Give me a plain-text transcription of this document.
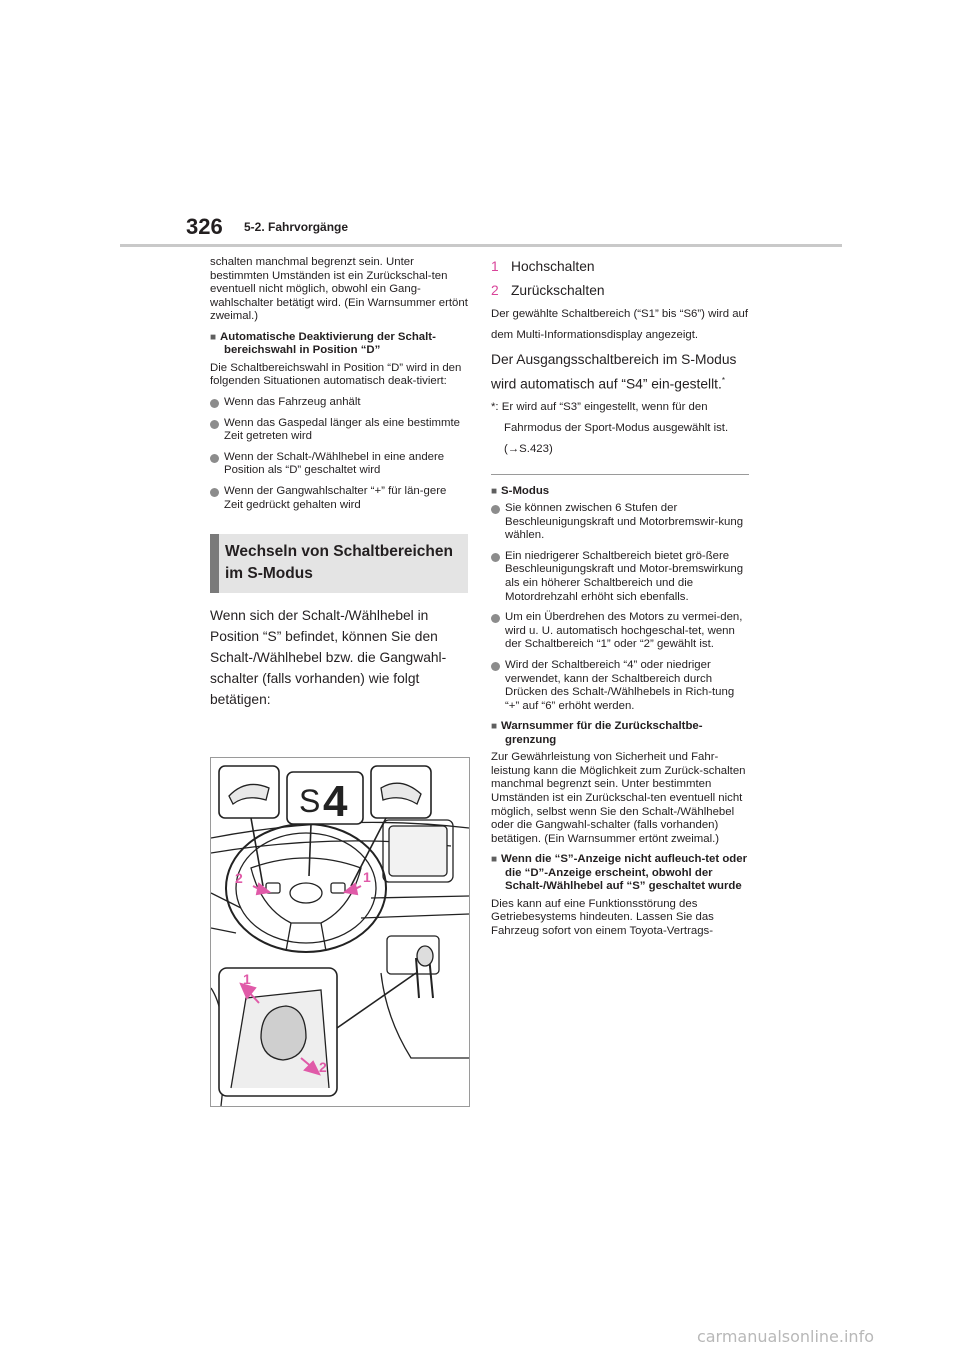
326 5-2. Fahrvorgänge

schalten manchmal begrenzt sein. Unter bestimmten Umständen ist ein Zurückschal-ten eventuell nicht möglich, obwohl ein Gang-wahlschalter betätigt wird. (Ein Warnsummer ertönt zweimal.)

■ Automatische Deaktivierung der Schalt-bereichswahl in Position “D”

Die Schaltbereichswahl in Position “D” wird in den folgenden Situationen automatisch deak-tiviert:

Wenn das Fahrzeug anhält
Wenn das Gaspedal länger als eine bestimmte Zeit getreten wird
Wenn der Schalt-/Wählhebel in eine andere Position als “D” geschaltet wird
Wenn der Gangwahlschalter “+” für län-gere Zeit gedrückt gehalten wird
Wechseln von Schaltbereichen im S-Modus

Wenn sich der Schalt-/Wählhebel in Position “S” befindet, können Sie den Schalt-/Wählhebel bzw. die Gangwahl-schalter (falls vorhanden) wie folgt betätigen:

S 4
2	1
1
2

1 Hochschalten

2 Zurückschalten

Der gewählte Schaltbereich (“S1” bis “S6”) wird auf dem Multi-Informationsdisplay angezeigt.

Der Ausgangsschaltbereich im S-Modus wird automatisch auf “S4” ein-gestellt.*

*: Er wird auf “S3” eingestellt, wenn für den Fahrmodus der Sport-Modus ausgewählt ist. (→S.423)

■ S-Modus

Sie können zwischen 6 Stufen der Beschleunigungskraft und Motorbremswir-kung wählen.
Ein niedrigerer Schaltbereich bietet grö-ßere Beschleunigungskraft und Motor-bremswirkung als ein höherer Schaltbereich und die Motordrehzahl erhöht sich ebenfalls.
Um ein Überdrehen des Motors zu vermei-den, wird u. U. automatisch hochgeschal-tet, wenn der Schaltbereich “1” oder “2” gewählt ist.
Wird der Schaltbereich “4” oder niedriger verwendet, kann der Schaltbereich durch Drücken des Schalt-/Wählhebels in Rich-tung “+” auf “6” erhöht werden.

■ Warnsummer für die Zurückschaltbe-grenzung

Zur Gewährleistung von Sicherheit und Fahr-leistung kann die Möglichkeit zum Zurück-schalten manchmal begrenzt sein. Unter bestimmten Umständen ist ein Zurückschal-ten eventuell nicht möglich, selbst wenn Sie den Schalt-/Wählhebel oder die Gangwahl-schalter (falls vorhanden) betätigen. (Ein Warnsummer ertönt zweimal.)

■ Wenn die “S”-Anzeige nicht aufleuch-tet oder die “D”-Anzeige erscheint, obwohl der Schalt-/Wählhebel auf “S” geschaltet wurde

Dies kann auf eine Funktionsstörung des Getriebesystems hindeuten. Lassen Sie das Fahrzeug sofort von einem Toyota-Vertrags-

carmanualsonline.info
